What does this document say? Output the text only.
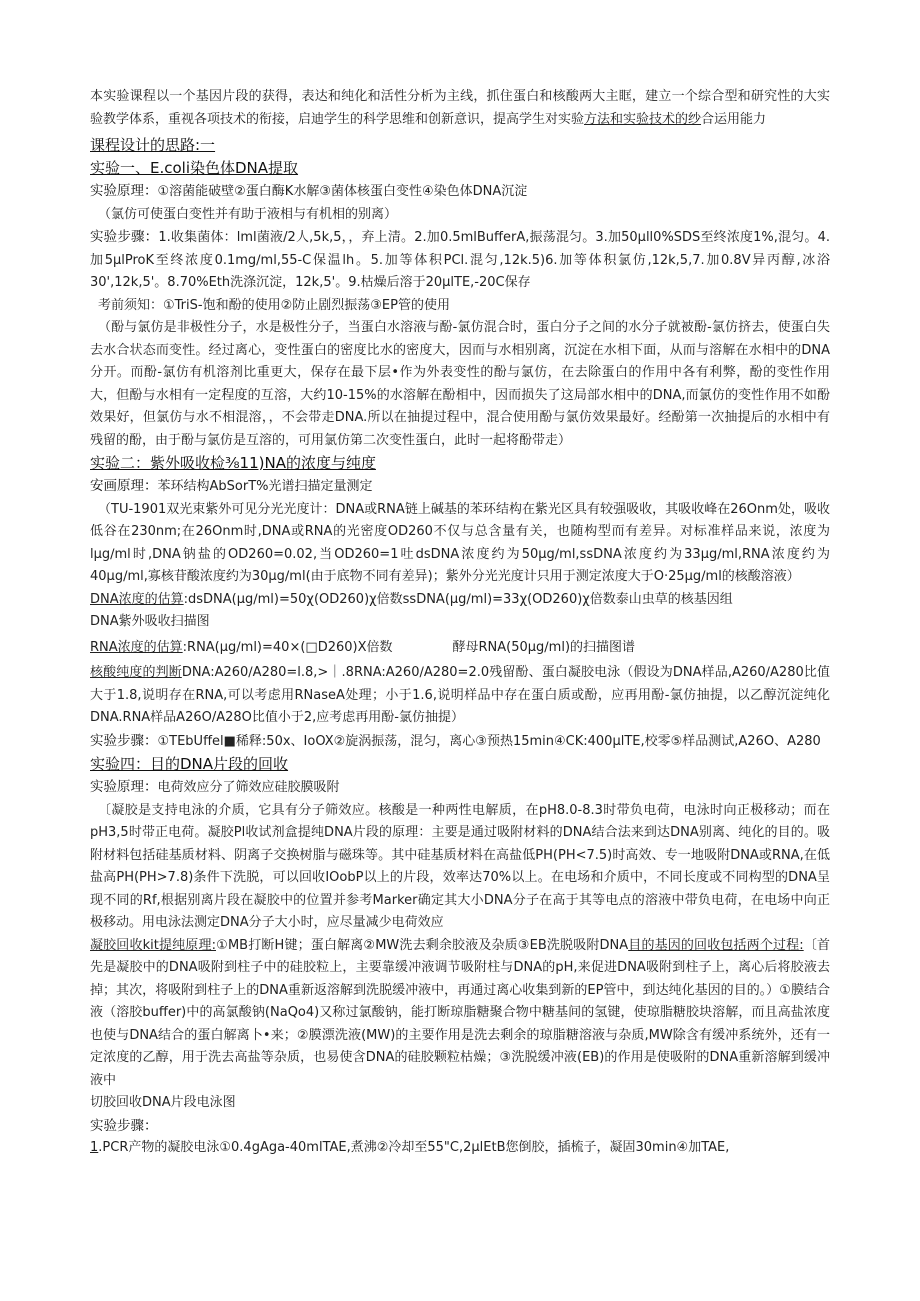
本实验课程以一个基因片段的获得，表达和纯化和活性分析为主线，抓住蛋白和核酸两大主眶，建立一个综合型和研究性的大实验教学体系，重视各项技术的衔接，启迪学生的科学思维和创新意识，提高学生对实验方法和实验技术的纱合运用能力

课程设计的思路:一

实验一、E.coli染色体DNA提取

实验原理：①溶菌能破壁②蛋白酶K水解③菌体核蛋白变性④染色体DNA沉淀

（氯仿可使蛋白变性并有助于液相与有机相的别离）

实验步骤：1.收集菌体：lml菌液/2人,5k,5，，弃上清。2.加0.5mlBufferA,振荡混匀。3.加50μll0%SDS至终浓度1%,混匀。4.加5μlProK至终浓度0.1mg∕ml,55-C保温lh。5.加等体积PCl.混匀,12k.5)6.加等体积氯仿,12k,5,7.加0.8V异丙醇,冰浴30',12k,5'。8.70%Eth洗涤沉淀，12k,5'。9.枯燥后溶于20μlTE,-20C保存

考前须知：①TriS-饱和酚的使用②防止剧烈振荡③EP管的使用

（酚与氯仿是非极性分子，水是极性分子，当蛋白水溶液与酚-氯仿混合时，蛋白分子之间的水分子就被酚-氯仿挤去，使蛋白失去水合状态而变性。经过离心，变性蛋白的密度比水的密度大，因而与水相别离，沉淀在水相下面，从而与溶解在水相中的DNA分开。而酚-氯仿有机溶剂比重更大，保存在最下层•作为外表变性的酚与氯仿，在去除蛋白的作用中各有利弊，酚的变性作用大，但酚与水相有一定程度的互溶，大约10-15%的水溶解在酚相中，因而损失了这局部水相中的DNA,而氯仿的变性作用不如酚效果好，但氯仿与水不相混溶，，不会带走DNA.所以在抽提过程中，混合使用酚与氯仿效果最好。经酚第一次抽提后的水相中有残留的酚，由于酚与氯仿是互溶的，可用氯仿第二次变性蛋白，此时一起将酚带走）

实验二：紫外吸收检⅜11)NA的浓度与纯度

安画原理：苯环结构AbSorT%光谱扫描定量测定

（TU-1901双光束紫外可见分光光度计：DNA或RNA链上碱基的苯环结构在紫光区具有较强吸收，其吸收峰在26Onm处，吸收低谷在230nm;在26Onm时,DNA或RNA的光密度OD260不仅与总含量有关，也随构型而有差异。对标准样品来说，浓度为lμg∕ml时,DNA钠盐的OD260=0.02,当OD260=1吐dsDNA浓度约为50μg∕ml,ssDNA浓度约为33μg∕ml,RNA浓度约为40μg∕ml,寡核苷酸浓度约为30μg∕ml(由于底物不同有差异)；紫外分光光度计只用于测定浓度大于O·25μg∕ml的核酸溶液）

DNA浓度的估算:dsDNA(μg∕ml)=50χ(OD260)χ倍数ssDNA(μg∕ml)=33χ(OD260)χ倍数泰山虫草的核基因组

DNA紫外吸收扫描图

RNA浓度的估算:RNA(μg∕ml)=40×(□D260)X倍数	酵母RNA(50μg∕ml)的扫描图谱

核酸纯度的判断DNA:A260∕A280=l.8,>｜.8RNA:A260∕A280=2.0残留酚、蛋白凝胶电泳（假设为DNA样品,A260∕A280比值大于1.8,说明存在RNA,可以考虑用RNaseA处理；小于1.6,说明样品中存在蛋白质或酚，应再用酚-氯仿抽提，以乙醇沉淀纯化DNA.RNA样品A26O/A28O比值小于2,应考虑再用酚-氯仿抽提）

实验步骤：①TEbUffel■稀释:50x、IoOX②旋涡振荡，混匀，离心③预热15min④CK:400μlTE,校零⑤样品测试,A26O、A280

实验四：目的DNA片段的回收

实验原理：电荷效应分了筛效应硅胶膜吸附

〔凝胶是支持电泳的介质，它具有分子筛效应。核酸是一种两性电解质，在pH8.0-8.3时带负电荷，电泳时向正极移动；而在pH3,5时带正电荷。凝胶Pl收试剂盒提纯DNA片段的原理：主要是通过吸附材料的DNA结合法来到达DNA别离、纯化的目的。吸附材料包括硅基质材料、阴离子交换树脂与磁珠等。其中硅基质材料在高盐低PH(PH<7.5)时高效、专一地吸附DNA或RNA,在低盐高PH(PH>7.8)条件下洗脱，可以回收IOobP以上的片段，效率达70%以上。在电场和介质中，不同长度或不同构型的DNA呈现不同的Rf,根据别离片段在凝胶中的位置并参考Marker确定其大小DNA分子在高于其等电点的溶液中带负电荷，在电场中向正极移动。用电泳法测定DNA分子大小时，应尽量减少电荷效应

凝胶回收kit提纯原理:①MB打断H键；蛋白解离②MW洗去剩余胶液及杂质③EB洗脱吸附DNA目的基因的回收包括两个过程:〔首先是凝胶中的DNA吸附到柱子中的硅胶粒上，主要靠缓冲液调节吸附柱与DNA的pH,来促进DNA吸附到柱子上，离心后将胶液去掉；其次，将吸附到柱子上的DNA重新返溶解到洗脱缓冲液中，再通过离心收集到新的EP管中，到达纯化基因的目的。）①膜结合液（溶胶buffer)中的高氯酸钠(NaQo4)又称过氯酸钠，能打断琼脂糖聚合物中糖基间的氢键，使琼脂糖胶块溶解，而且高盐浓度也使与DNA结合的蛋白解离卜•来；②膜漂洗液(MW)的主要作用是洗去剩余的琼脂糖溶液与杂质,MW除含有缓冲系统外，还有一定浓度的乙醇，用于洗去高盐等杂质，也易使含DNA的硅胶颗粒枯燥；③洗脱缓冲液(EB)的作用是使吸附的DNA重新溶解到缓冲液中

切胶回收DNA片段电泳图

实验步骤：

1.PCR产物的凝胶电泳①0.4gAga-40mlTAE,煮沸②冷却至55"C,2μlEtB您倒胶，插梳子，凝固30min④加TAE,
